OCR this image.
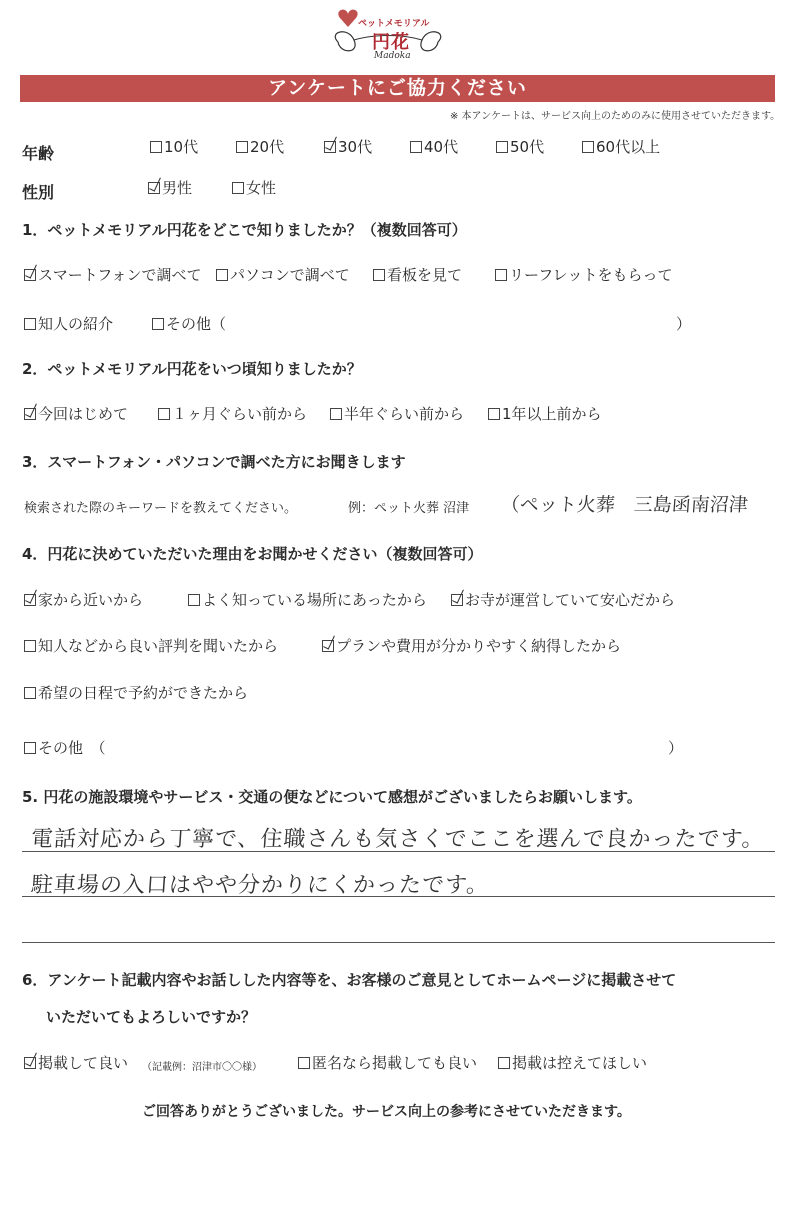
ペットメモリアル
円花
Madoka
アンケートにご協力ください
※ 本アンケートは、サービス向上のためのみに使用させていただきます。
年齢	10代	20代	30代	40代	50代	60代以上
性別	男性	女性
1．ペットメモリアル円花をどこで知りましたか？（複数回答可）
スマートフォンで調べて	パソコンで調べて	看板を見て	リーフレットをもらって
知人の紹介	その他（	）
2．ペットメモリアル円花をいつ頃知りましたか？
今回はじめて	１ヶ月ぐらい前から	半年ぐらい前から	1年以上前から
3．スマートフォン・パソコンで調べた方にお聞きします
検索された際のキーワードを教えてください。	例：ペット火葬 沼津 （ペット火葬　三島函南沼津
4．円花に決めていただいた理由をお聞かせください（複数回答可）
家から近いから	よく知っている場所にあったから	お寺が運営していて安心だから
知人などから良い評判を聞いたから	プランや費用が分かりやすく納得したから
希望の日程で予約ができたから
その他　（	）
5. 円花の施設環境やサービス・交通の便などについて感想がございましたらお願いします。
電話対応から丁寧で、住職さんも気さくでここを選んで良かったです。
駐車場の入口はやや分かりにくかったです。
6．アンケート記載内容やお話しした内容等を、お客様のご意見としてホームページに掲載させて
いただいてもよろしいですか？
掲載して良い	匿名なら掲載しても良い	掲載は控えてほしい
（記載例：沼津市〇〇様）
ご回答ありがとうございました。サービス向上の参考にさせていただきます。
